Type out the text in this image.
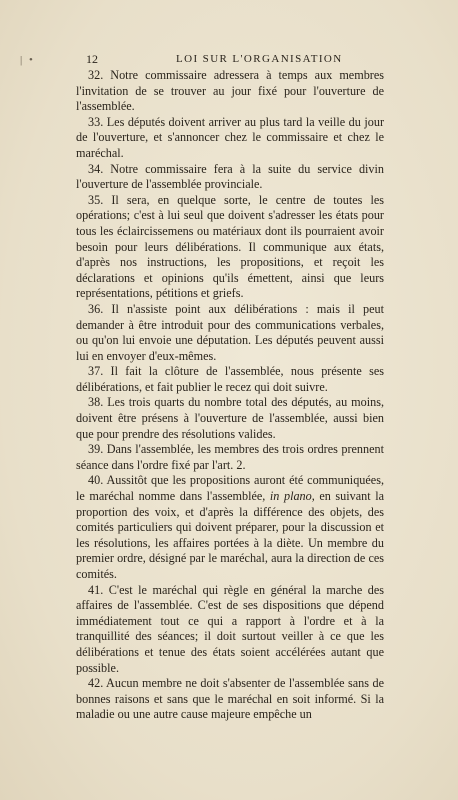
| •	12	LOI SUR L'ORGANISATION

32. Notre commissaire adressera à temps aux membres l'invitation de se trouver au jour fixé pour l'ouverture de l'assemblée.

33. Les députés doivent arriver au plus tard la veille du jour de l'ouverture, et s'annoncer chez le commissaire et chez le maréchal.

34. Notre commissaire fera à la suite du service divin l'ouverture de l'assemblée provinciale.

35. Il sera, en quelque sorte, le centre de toutes les opérations; c'est à lui seul que doivent s'adresser les états pour tous les éclaircissemens ou matériaux dont ils pourraient avoir besoin pour leurs délibérations. Il communique aux états, d'après nos instructions, les propositions, et reçoit les déclarations et opinions qu'ils émettent, ainsi que leurs représentations, pétitions et griefs.

36. Il n'assiste point aux délibérations : mais il peut demander à être introduit pour des communications verbales, ou qu'on lui envoie une députation. Les députés peuvent aussi lui en envoyer d'eux-mêmes.

37. Il fait la clôture de l'assemblée, nous présente ses délibérations, et fait publier le recez qui doit suivre.

38. Les trois quarts du nombre total des députés, au moins, doivent être présens à l'ouverture de l'assemblée, aussi bien que pour prendre des résolutions valides.

39. Dans l'assemblée, les membres des trois ordres prennent séance dans l'ordre fixé par l'art. 2.

40. Aussitôt que les propositions auront été communiquées, le maréchal nomme dans l'assemblée, in plano, en suivant la proportion des voix, et d'après la différence des objets, des comités particuliers qui doivent préparer, pour la discussion et les résolutions, les affaires portées à la diète. Un membre du premier ordre, désigné par le maréchal, aura la direction de ces comités.

41. C'est le maréchal qui règle en général la marche des affaires de l'assemblée. C'est de ses dispositions que dépend immédiatement tout ce qui a rapport à l'ordre et à la tranquillité des séances; il doit surtout veiller à ce que les délibérations et tenue des états soient accélérées autant que possible.

42. Aucun membre ne doit s'absenter de l'assemblée sans de bonnes raisons et sans que le maréchal en soit informé. Si la maladie ou une autre cause majeure empêche un
